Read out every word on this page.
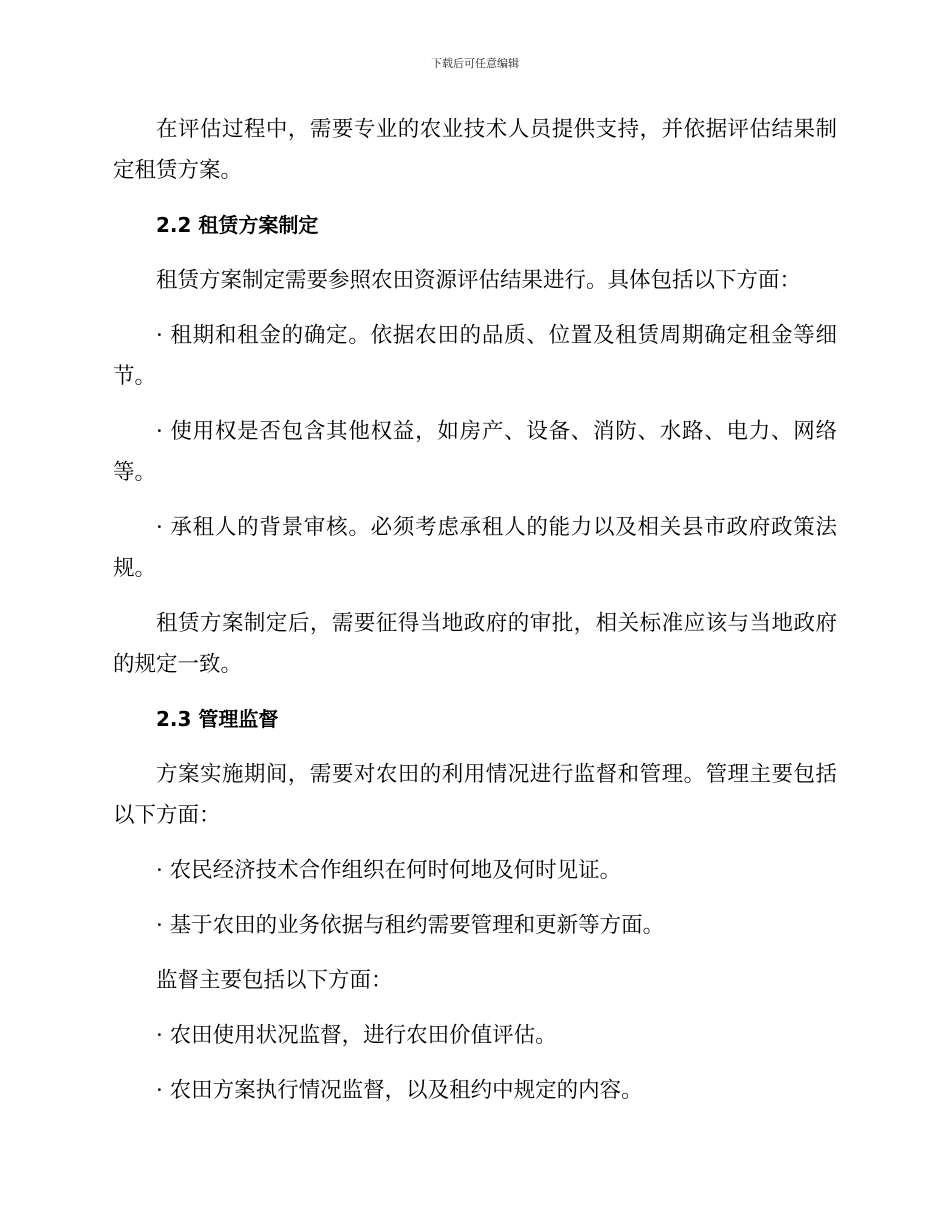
下载后可任意编辑

在评估过程中，需要专业的农业技术人员提供支持，并依据评估结果制定租赁方案。

2.2 租赁方案制定

租赁方案制定需要参照农田资源评估结果进行。具体包括以下方面：

· 租期和租金的确定。依据农田的品质、位置及租赁周期确定租金等细节。

· 使用权是否包含其他权益，如房产、设备、消防、水路、电力、网络等。

· 承租人的背景审核。必须考虑承租人的能力以及相关县市政府政策法规。

租赁方案制定后，需要征得当地政府的审批，相关标准应该与当地政府的规定一致。

2.3 管理监督

方案实施期间，需要对农田的利用情况进行监督和管理。管理主要包括以下方面：

· 农民经济技术合作组织在何时何地及何时见证。

· 基于农田的业务依据与租约需要管理和更新等方面。

监督主要包括以下方面：

· 农田使用状况监督，进行农田价值评估。

· 农田方案执行情况监督，以及租约中规定的内容。
